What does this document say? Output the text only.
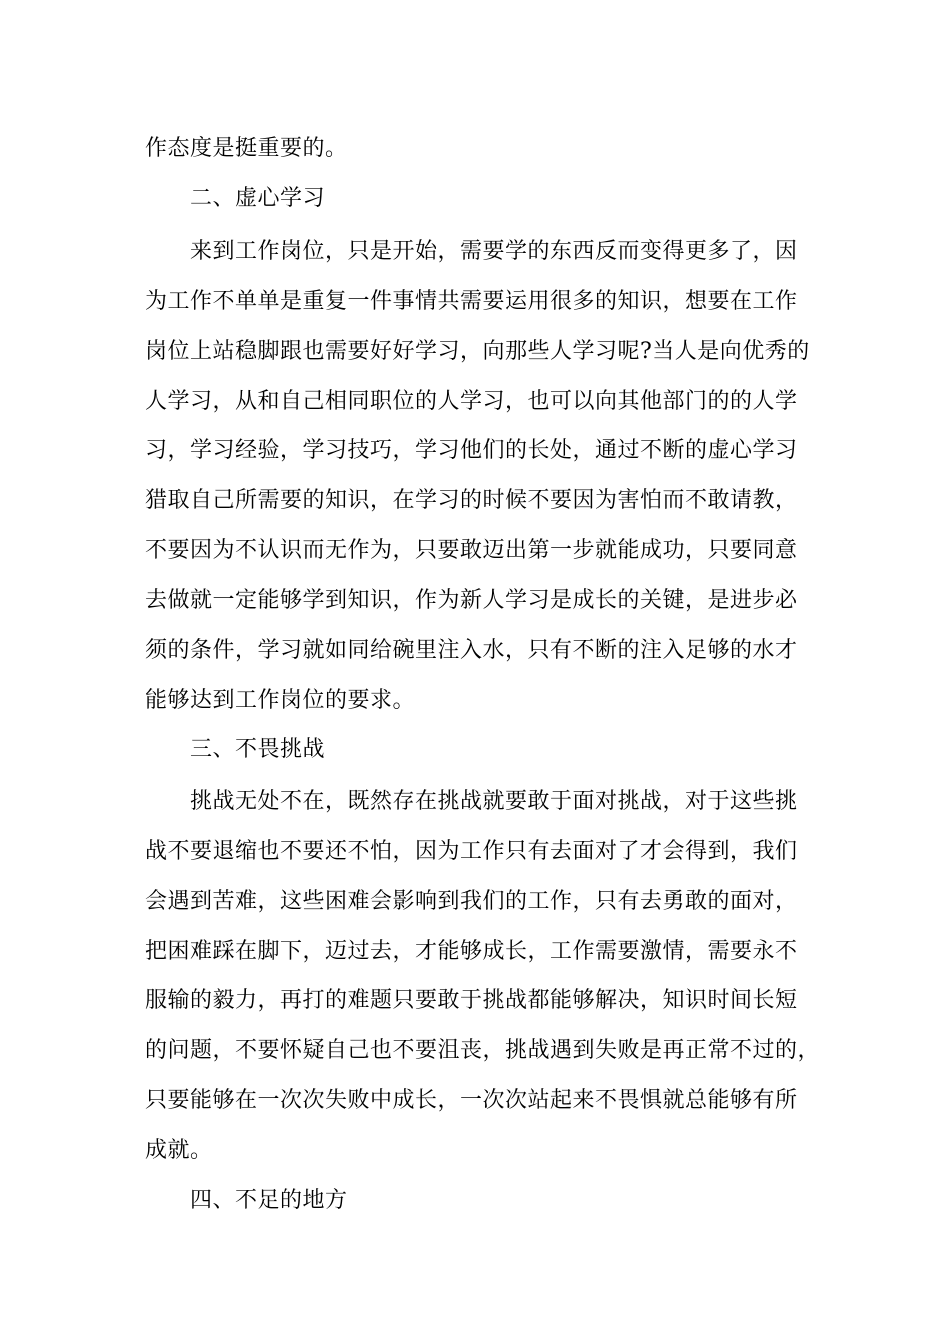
作态度是挺重要的。
二、虚心学习
来到工作岗位，只是开始，需要学的东西反而变得更多了，因
为工作不单单是重复一件事情共需要运用很多的知识，想要在工作
岗位上站稳脚跟也需要好好学习，向那些人学习呢?当人是向优秀的
人学习，从和自己相同职位的人学习，也可以向其他部门的的人学
习，学习经验，学习技巧，学习他们的长处，通过不断的虚心学习
猎取自己所需要的知识，在学习的时候不要因为害怕而不敢请教，
不要因为不认识而无作为，只要敢迈出第一步就能成功，只要同意
去做就一定能够学到知识，作为新人学习是成长的关键，是进步必
须的条件，学习就如同给碗里注入水，只有不断的注入足够的水才
能够达到工作岗位的要求。
三、不畏挑战
挑战无处不在，既然存在挑战就要敢于面对挑战，对于这些挑
战不要退缩也不要还不怕，因为工作只有去面对了才会得到，我们
会遇到苦难，这些困难会影响到我们的工作，只有去勇敢的面对，
把困难踩在脚下，迈过去，才能够成长，工作需要激情，需要永不
服输的毅力，再打的难题只要敢于挑战都能够解决，知识时间长短
的问题，不要怀疑自己也不要沮丧，挑战遇到失败是再正常不过的，
只要能够在一次次失败中成长，一次次站起来不畏惧就总能够有所
成就。
四、不足的地方
